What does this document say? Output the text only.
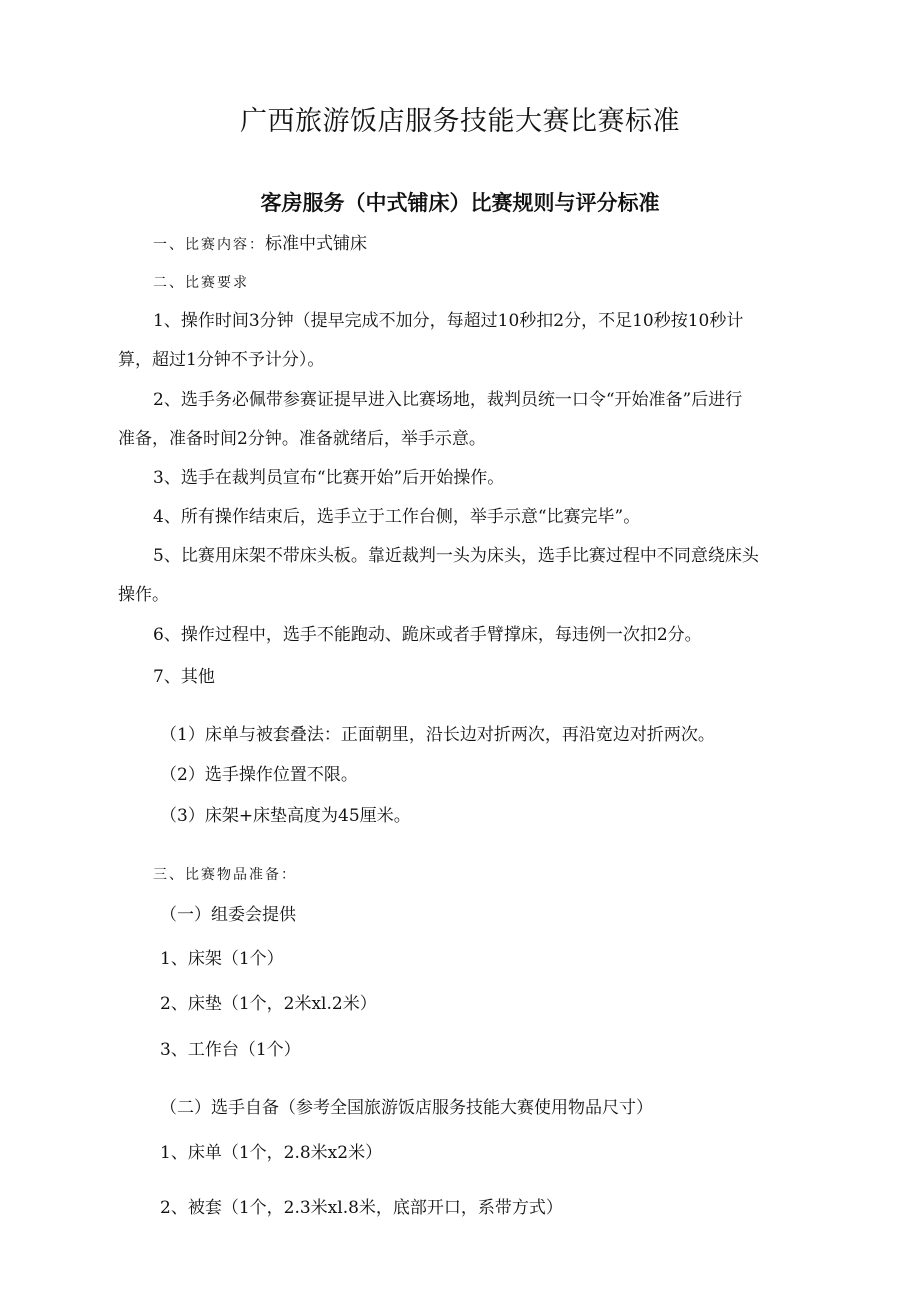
广西旅游饭店服务技能大赛比赛标准
客房服务（中式铺床）比赛规则与评分标准
一、比赛内容：标准中式铺床
二、比赛要求
1、操作时间3分钟（提早完成不加分，每超过10秒扣2分，不足10秒按10秒计
算，超过1分钟不予计分）。
2、选手务必佩带参赛证提早进入比赛场地，裁判员统一口令“开始准备”后进行
准备，准备时间2分钟。准备就绪后，举手示意。
3、选手在裁判员宣布“比赛开始”后开始操作。
4、所有操作结束后，选手立于工作台侧，举手示意“比赛完毕”。
5、比赛用床架不带床头板。靠近裁判一头为床头，选手比赛过程中不同意绕床头
操作。
6、操作过程中，选手不能跑动、跪床或者手臂撑床，每违例一次扣2分。
7、其他
（1）床单与被套叠法：正面朝里，沿长边对折两次，再沿宽边对折两次。
（2）选手操作位置不限。
（3）床架+床垫高度为45厘米。
三、比赛物品准备：
（一）组委会提供
1、床架（1个）
2、床垫（1个，2米xl.2米）
3、工作台（1个）
（二）选手自备（参考全国旅游饭店服务技能大赛使用物品尺寸）
1、床单（1个，2.8米x2米）
2、被套（1个，2.3米xl.8米，底部开口，系带方式）
